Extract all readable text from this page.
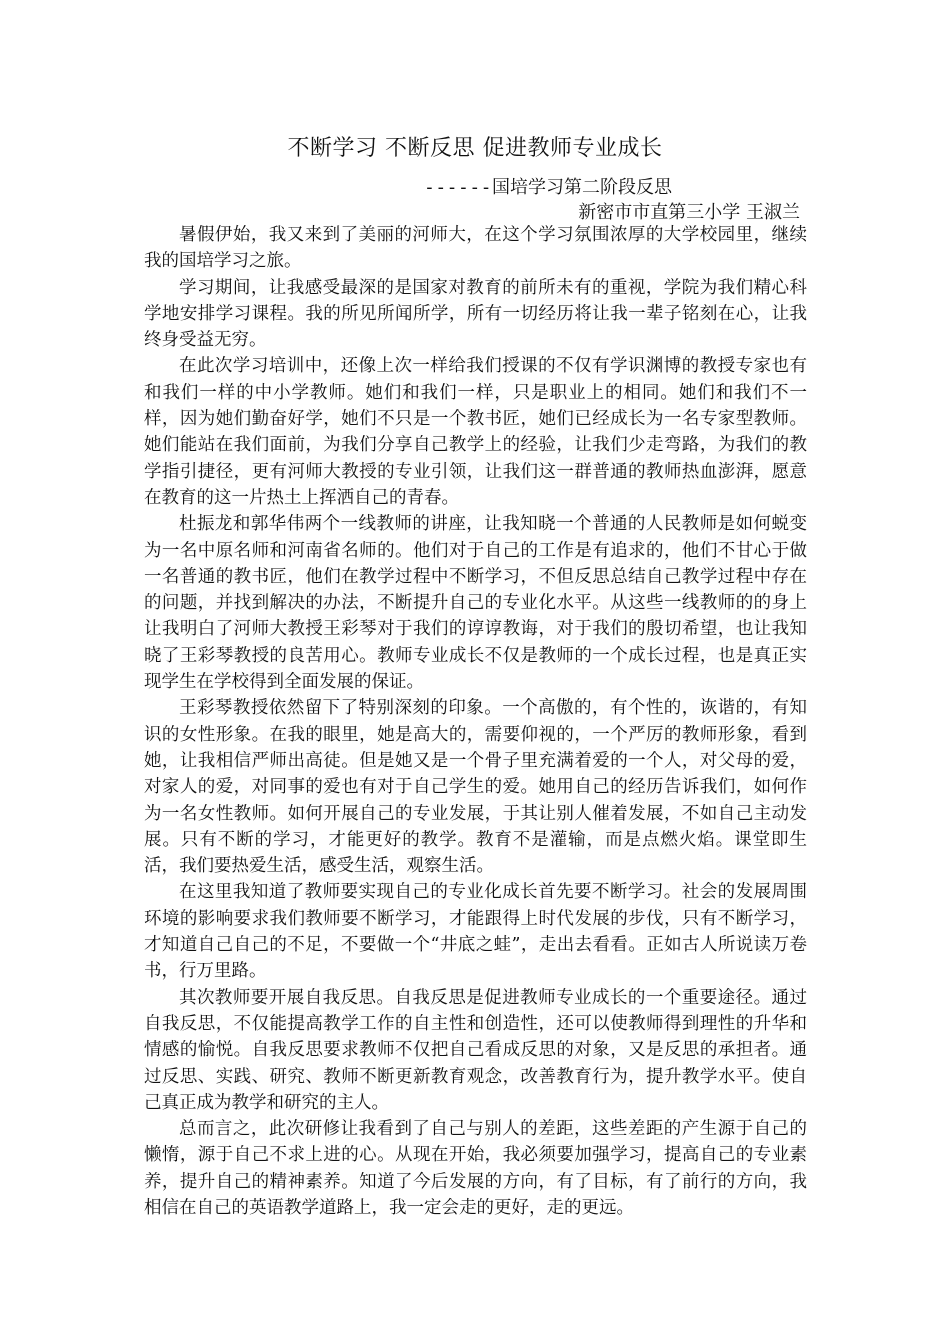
不断学习 不断反思 促进教师专业成长
------国培学习第二阶段反思
新密市市直第三小学 王淑兰

暑假伊始，我又来到了美丽的河师大，在这个学习氛围浓厚的大学校园里，继续我的国培学习之旅。

学习期间，让我感受最深的是国家对教育的前所未有的重视，学院为我们精心科学地安排学习课程。我的所见所闻所学，所有一切经历将让我一辈子铭刻在心，让我终身受益无穷。

在此次学习培训中，还像上次一样给我们授课的不仅有学识渊博的教授专家也有和我们一样的中小学教师。她们和我们一样，只是职业上的相同。她们和我们不一样，因为她们勤奋好学，她们不只是一个教书匠，她们已经成长为一名专家型教师。她们能站在我们面前，为我们分享自己教学上的经验，让我们少走弯路，为我们的教学指引捷径，更有河师大教授的专业引领，让我们这一群普通的教师热血澎湃，愿意在教育的这一片热土上挥洒自己的青春。

杜振龙和郭华伟两个一线教师的讲座，让我知晓一个普通的人民教师是如何蜕变为一名中原名师和河南省名师的。他们对于自己的工作是有追求的，他们不甘心于做一名普通的教书匠，他们在教学过程中不断学习，不但反思总结自己教学过程中存在的问题，并找到解决的办法，不断提升自己的专业化水平。从这些一线教师的的身上让我明白了河师大教授王彩琴对于我们的谆谆教诲，对于我们的殷切希望，也让我知晓了王彩琴教授的良苦用心。教师专业成长不仅是教师的一个成长过程，也是真正实现学生在学校得到全面发展的保证。

王彩琴教授依然留下了特别深刻的印象。一个高傲的，有个性的，诙谐的，有知识的女性形象。在我的眼里，她是高大的，需要仰视的，一个严厉的教师形象，看到她，让我相信严师出高徒。但是她又是一个骨子里充满着爱的一个人，对父母的爱，对家人的爱，对同事的爱也有对于自己学生的爱。她用自己的经历告诉我们，如何作为一名女性教师。如何开展自己的专业发展，于其让别人催着发展，不如自己主动发展。只有不断的学习，才能更好的教学。教育不是灌输，而是点燃火焰。课堂即生活，我们要热爱生活，感受生活，观察生活。

在这里我知道了教师要实现自己的专业化成长首先要不断学习。社会的发展周围环境的影响要求我们教师要不断学习，才能跟得上时代发展的步伐，只有不断学习，才知道自己自己的不足，不要做一个“井底之蛙”，走出去看看。正如古人所说读万卷书，行万里路。

其次教师要开展自我反思。自我反思是促进教师专业成长的一个重要途径。通过自我反思，不仅能提高教学工作的自主性和创造性，还可以使教师得到理性的升华和情感的愉悦。自我反思要求教师不仅把自己看成反思的对象，又是反思的承担者。通过反思、实践、研究、教师不断更新教育观念，改善教育行为，提升教学水平。使自己真正成为教学和研究的主人。

总而言之，此次研修让我看到了自己与别人的差距，这些差距的产生源于自己的懒惰，源于自己不求上进的心。从现在开始，我必须要加强学习，提高自己的专业素养，提升自己的精神素养。知道了今后发展的方向，有了目标，有了前行的方向，我相信在自己的英语教学道路上，我一定会走的更好，走的更远。
